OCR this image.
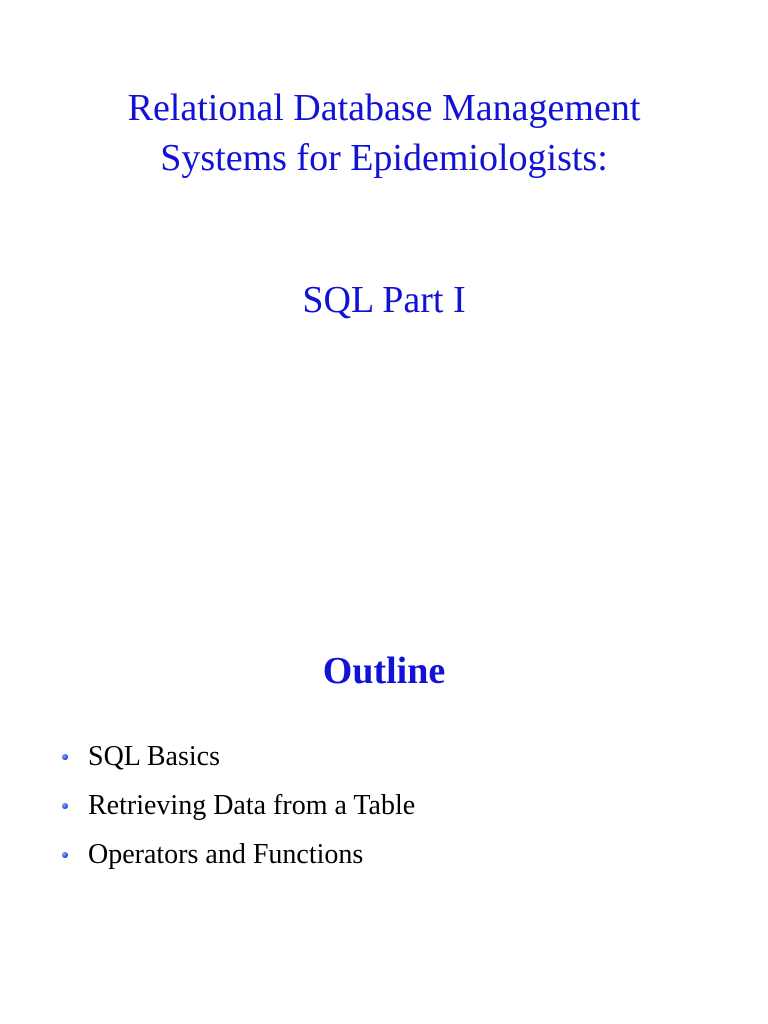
Relational Database Management
Systems for Epidemiologists:
SQL Part I
Outline
SQL Basics
Retrieving Data from a Table
Operators and Functions
